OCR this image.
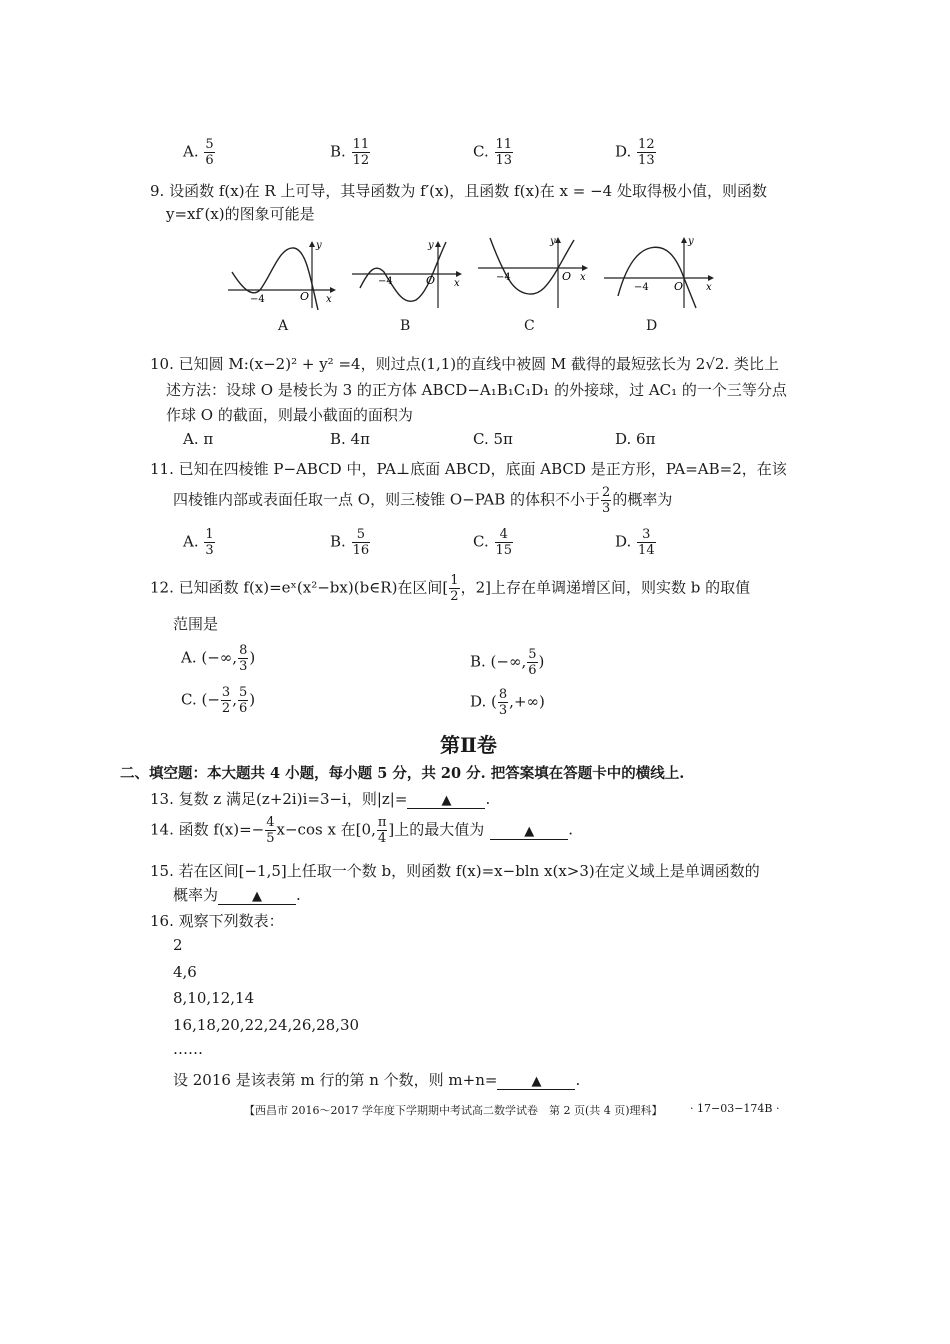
A. $\frac{5}{6}$	B. $\frac{11}{12}$	C. $\frac{11}{13}$	D. $\frac{12}{13}$
9. 设函数 f(x)在 R 上可导，其导函数为 f′(x)，且函数 f(x)在 x = −4 处取得极小值，则函数
y=xf′(x)的图象可能是
−4	O x
y
A
−4	O x
y
B
−4	O x
y
C
−4 O x
y
D
10. 已知圆 M:(x−2)² + y² =4，则过点(1,1)的直线中被圆 M 截得的最短弦长为 2√2. 类比上
述方法：设球 O 是棱长为 3 的正方体 ABCD−A₁B₁C₁D₁ 的外接球，过 AC₁ 的一个三等分点
作球 O 的截面，则最小截面的面积为
A. π	B. 4π	C. 5π	D. 6π
11. 已知在四棱锥 P−ABCD 中，PA⊥底面 ABCD，底面 ABCD 是正方形，PA=AB=2，在该
四棱锥内部或表面任取一点 O，则三棱锥 O−PAB 的体积不小于 $\frac{2}{3}$ 的概率为
A. $\frac{1}{3}$	B. $\frac{5}{16}$	C. $\frac{4}{15}$	D. $\frac{3}{14}$
12. 已知函数 f(x)=eˣ(x²−bx)(b∈R)在区间[ $\frac{1}{2}$ ，2]上存在单调递增区间，则实数 b 的取值
范围是
A. (−∞, $\frac{8}{3}$ )	B. (−∞, $\frac{5}{6}$ )
C. (− $\frac{3}{2}$ , $\frac{5}{6}$ )	D. ( $\frac{8}{3}$ ,+∞)
第Ⅱ卷
二、填空题：本大题共 4 小题，每小题 5 分，共 20 分. 把答案填在答题卡中的横线上.
13. 复数 z 满足(z+2i)i=3−i，则|z|=	▲ .
14. 函数 $f(x)=- \frac{4}{5} x-\cos$ x 在[0, $\frac{\pi}{4}$ ]上的最大值为	▲ .
15. 若在区间[−1,5]上任取一个数 b，则函数 f(x)=x−bln x(x>3)在定义域上是单调函数的
概率为	▲ .
16. 观察下列数表：
2
4,6
8,10,12,14
16,18,20,22,24,26,28,30
……
设 2016 是该表第 m 行的第 n 个数，则 m+n=	▲ .
【西昌市 2016～2017 学年度下学期期中考试高二数学试卷　第 2 页(共 4 页)理科】 · 17−03−174B ·
